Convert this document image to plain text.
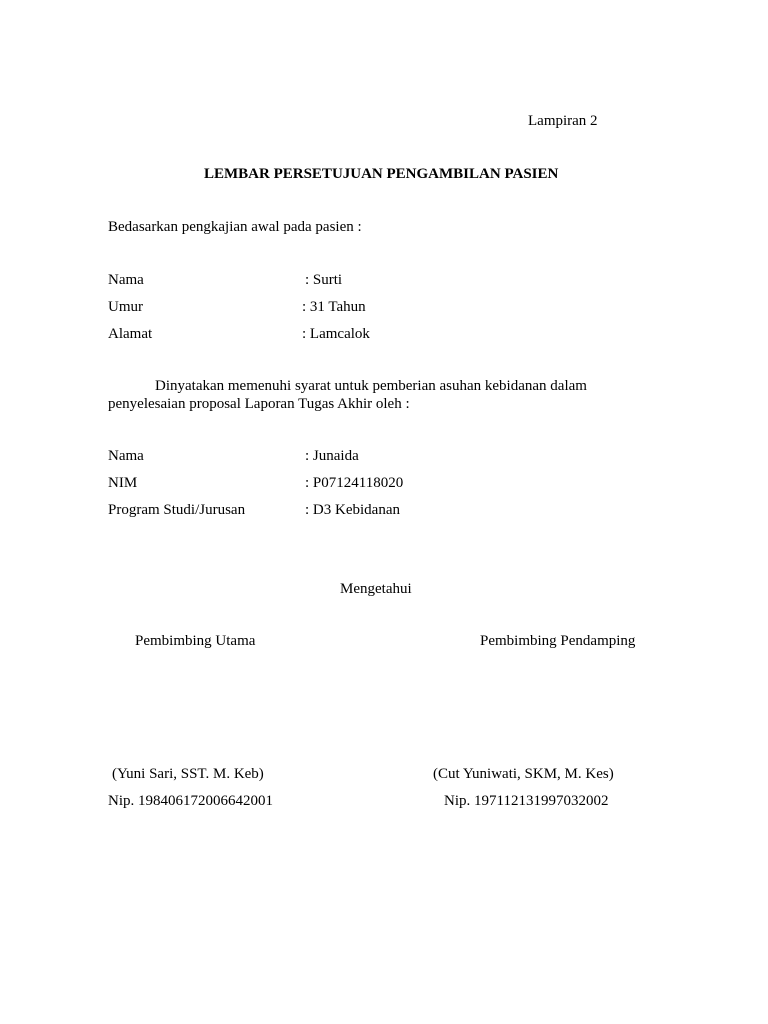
Lampiran 2
LEMBAR PERSETUJUAN PENGAMBILAN PASIEN
Bedasarkan pengkajian awal pada pasien :
Nama	: Surti
Umur	: 31 Tahun
Alamat	: Lamcalok
Dinyatakan memenuhi syarat untuk pemberian asuhan kebidanan dalam
penyelesaian proposal Laporan Tugas Akhir oleh :
Nama	: Junaida
NIM	: P07124118020
Program Studi/Jurusan	: D3 Kebidanan
Mengetahui
Pembimbing Utama	Pembimbing Pendamping
(Yuni Sari, SST. M. Keb)	(Cut Yuniwati, SKM, M. Kes)
Nip. 198406172006642001	Nip. 197112131997032002
